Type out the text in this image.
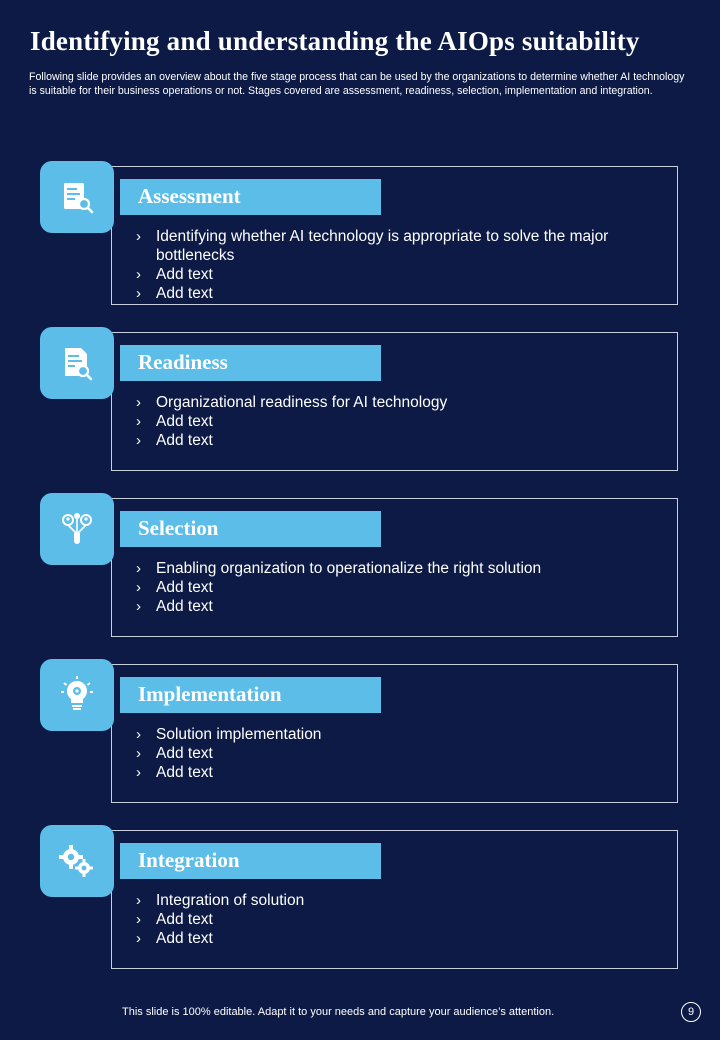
Identifying and understanding the AIOps suitability

Following slide provides an overview about the five stage process that can be used by the organizations to determine whether AI technology is suitable for their business operations or not. Stages covered are assessment, readiness, selection, implementation and integration.

Assessment
› Identifying whether AI technology is appropriate to solve the major bottlenecks
› Add text
› Add text
Readiness
› Organizational readiness for AI technology
› Add text
› Add text
Selection
› Enabling organization to operationalize the right solution
› Add text
› Add text
Implementation
› Solution implementation
› Add text
› Add text
Integration
› Integration of solution
› Add text
› Add text
This slide is 100% editable. Adapt it to your needs and capture your audience’s attention.	9
